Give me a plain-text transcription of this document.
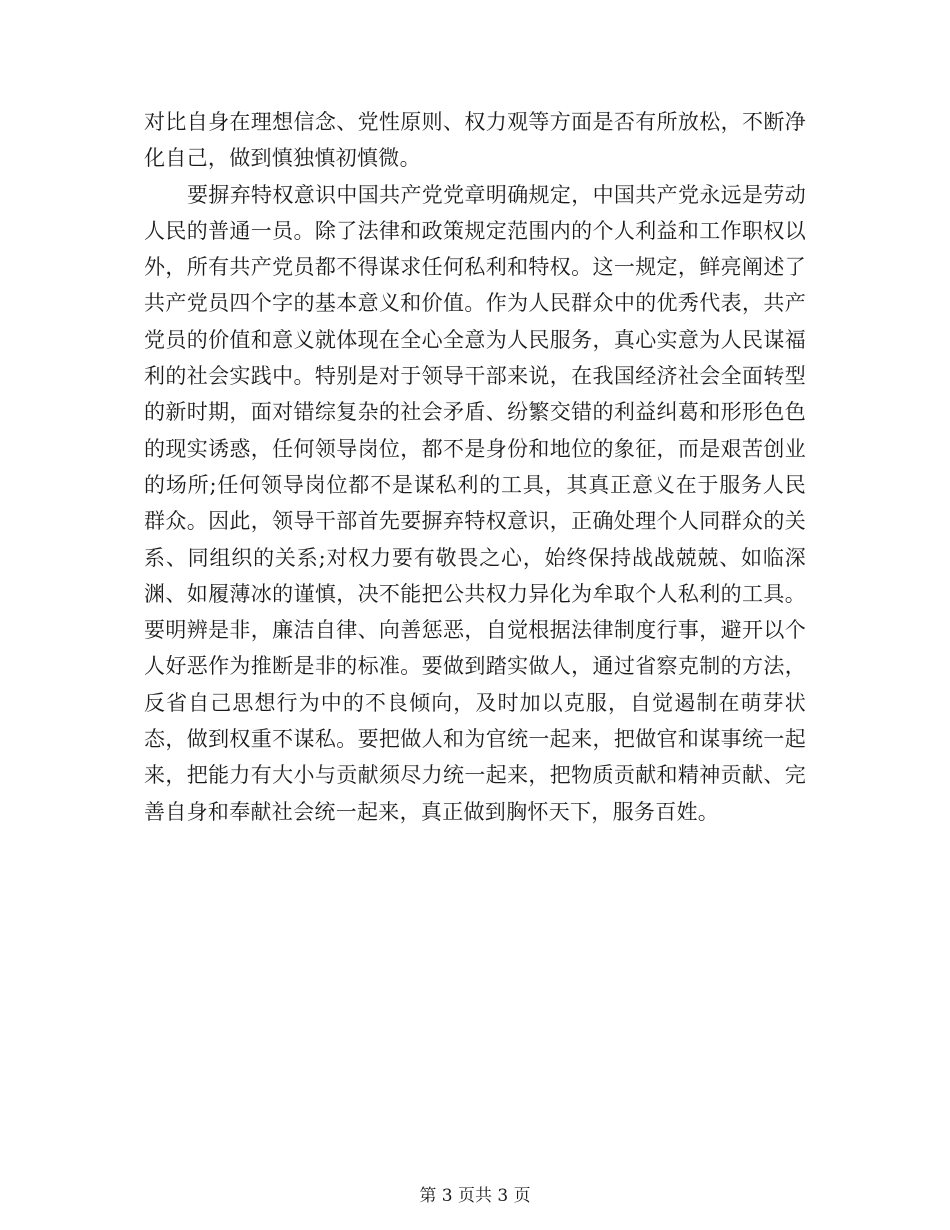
对比自身在理想信念、党性原则、权力观等方面是否有所放松，不断净化自己，做到慎独慎初慎微。

要摒弃特权意识中国共产党党章明确规定，中国共产党永远是劳动人民的普通一员。除了法律和政策规定范围内的个人利益和工作职权以外，所有共产党员都不得谋求任何私利和特权。这一规定，鲜亮阐述了共产党员四个字的基本意义和价值。作为人民群众中的优秀代表，共产党员的价值和意义就体现在全心全意为人民服务，真心实意为人民谋福利的社会实践中。特别是对于领导干部来说，在我国经济社会全面转型的新时期，面对错综复杂的社会矛盾、纷繁交错的利益纠葛和形形色色的现实诱惑，任何领导岗位，都不是身份和地位的象征，而是艰苦创业的场所;任何领导岗位都不是谋私利的工具，其真正意义在于服务人民群众。因此，领导干部首先要摒弃特权意识，正确处理个人同群众的关系、同组织的关系;对权力要有敬畏之心，始终保持战战兢兢、如临深渊、如履薄冰的谨慎，决不能把公共权力异化为牟取个人私利的工具。要明辨是非，廉洁自律、向善惩恶，自觉根据法律制度行事，避开以个人好恶作为推断是非的标准。要做到踏实做人，通过省察克制的方法，反省自己思想行为中的不良倾向，及时加以克服，自觉遏制在萌芽状态，做到权重不谋私。要把做人和为官统一起来，把做官和谋事统一起来，把能力有大小与贡献须尽力统一起来，把物质贡献和精神贡献、完善自身和奉献社会统一起来，真正做到胸怀天下，服务百姓。

第 3 页共 3 页
